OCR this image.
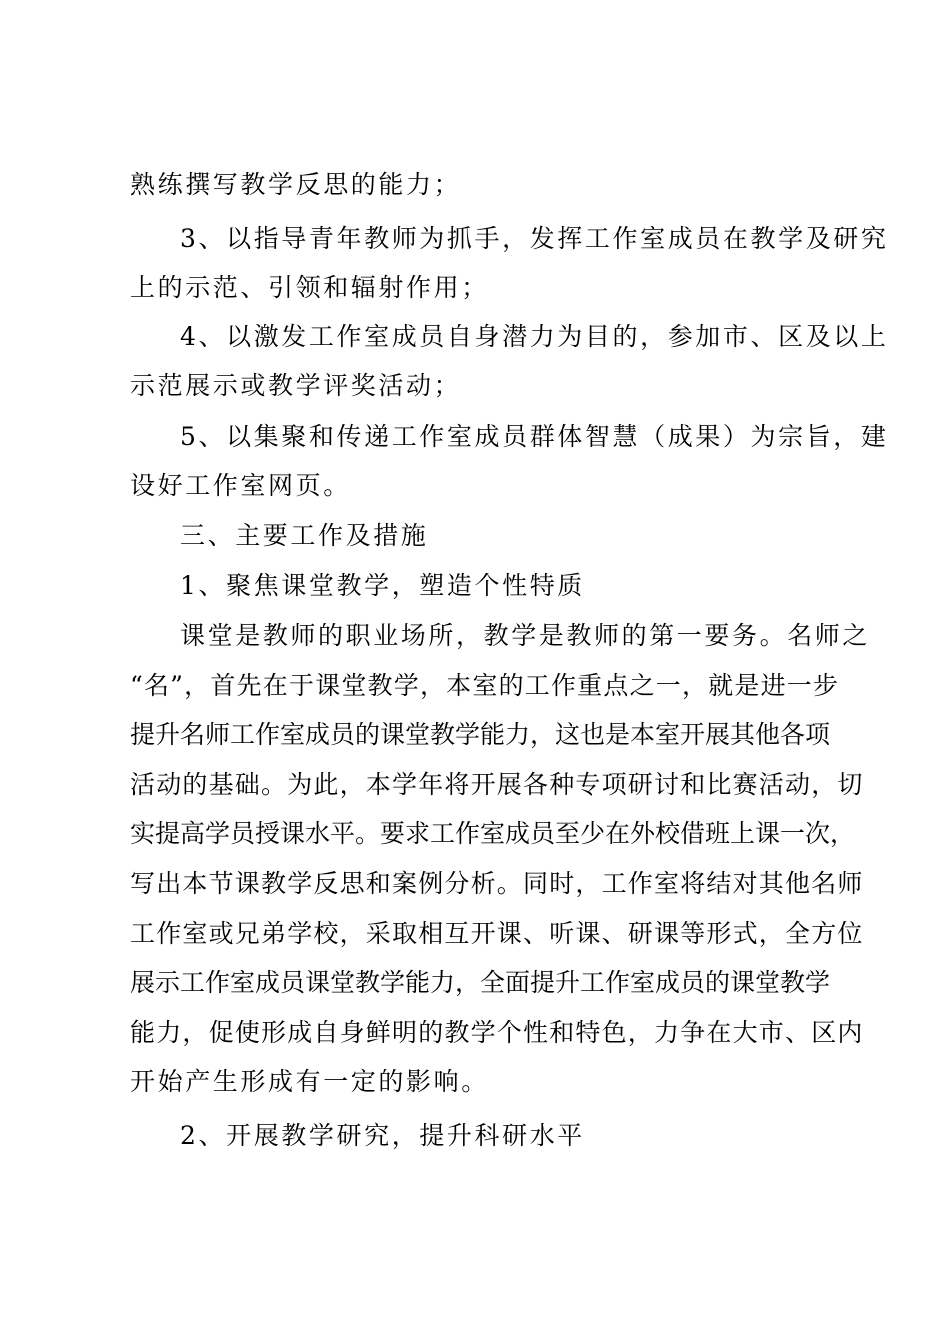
熟练撰写教学反思的能力；
3、以指导青年教师为抓手，发挥工作室成员在教学及研究
上的示范、引领和辐射作用；
4、以激发工作室成员自身潜力为目的，参加市、区及以上
示范展示或教学评奖活动；
5、以集聚和传递工作室成员群体智慧（成果）为宗旨，建
设好工作室网页。
三、主要工作及措施
1、聚焦课堂教学，塑造个性特质
课堂是教师的职业场所，教学是教师的第一要务。名师之
“名”，首先在于课堂教学，本室的工作重点之一，就是进一步
提升名师工作室成员的课堂教学能力，这也是本室开展其他各项
活动的基础。为此，本学年将开展各种专项研讨和比赛活动，切
实提高学员授课水平。要求工作室成员至少在外校借班上课一次，
写出本节课教学反思和案例分析。同时，工作室将结对其他名师
工作室或兄弟学校，采取相互开课、听课、研课等形式，全方位
展示工作室成员课堂教学能力，全面提升工作室成员的课堂教学
能力，促使形成自身鲜明的教学个性和特色，力争在大市、区内
开始产生形成有一定的影响。
2、开展教学研究，提升科研水平
